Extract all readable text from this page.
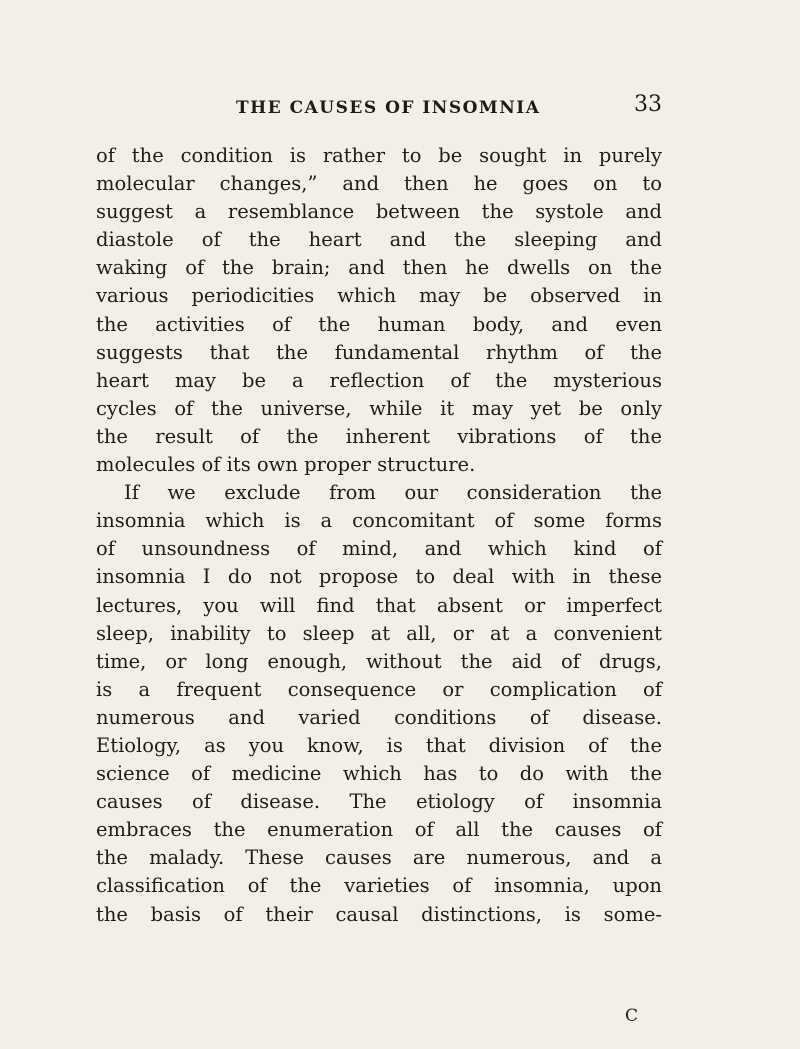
THE CAUSES OF INSOMNIA	33
of the condition is rather to be sought in purely
molecular changes,” and then he goes on to
suggest a resemblance between the systole and
diastole of the heart and the sleeping and
waking of the brain; and then he dwells on the
various periodicities which may be observed in
the activities of the human body, and even
suggests that the fundamental rhythm of the
heart may be a reflection of the mysterious
cycles of the universe, while it may yet be only
the result of the inherent vibrations of the
molecules of its own proper structure.
If we exclude from our consideration the
insomnia which is a concomitant of some forms
of unsoundness of mind, and which kind of
insomnia I do not propose to deal with in these
lectures, you will find that absent or imperfect
sleep, inability to sleep at all, or at a convenient
time, or long enough, without the aid of drugs,
is a frequent consequence or complication of
numerous and varied conditions of disease.
Etiology, as you know, is that division of the
science of medicine which has to do with the
causes of disease. The etiology of insomnia
embraces the enumeration of all the causes of
the malady. These causes are numerous, and a
classification of the varieties of insomnia, upon
the basis of their causal distinctions, is some-
C
